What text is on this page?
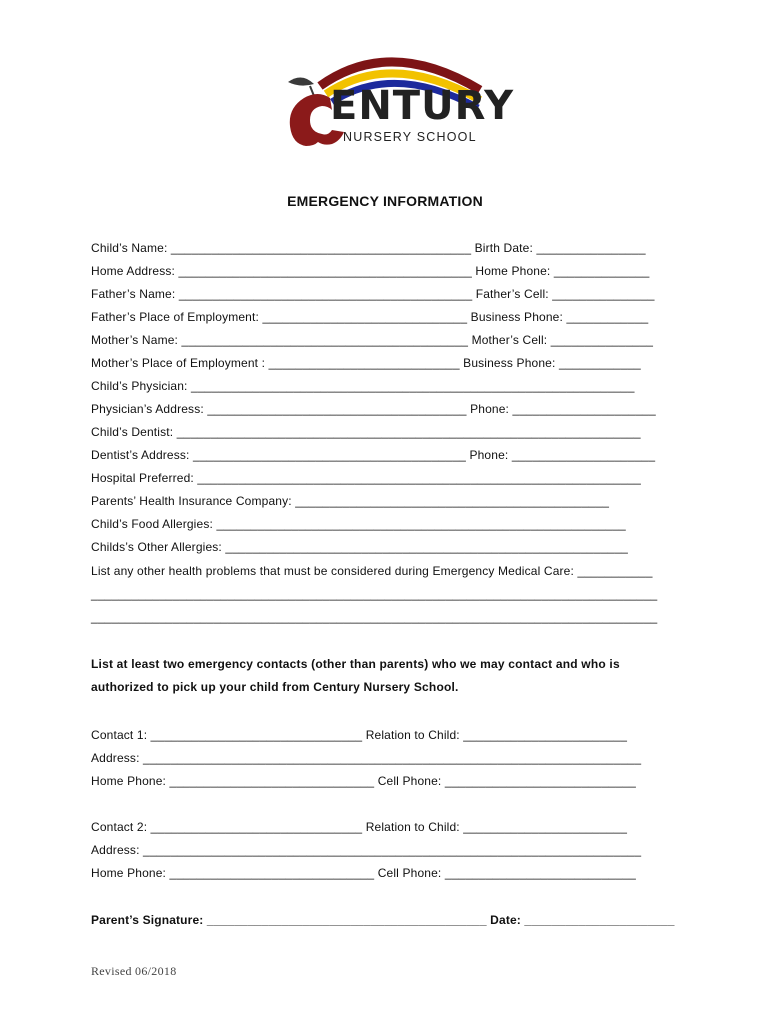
ENTURY
NURSERY SCHOOL
EMERGENCY INFORMATION
Child’s Name: ____________________________________________ Birth Date: ________________
Home Address: ___________________________________________ Home Phone: ______________
Father’s Name: ___________________________________________ Father’s Cell: _______________
Father’s Place of Employment: ______________________________ Business Phone: ____________
Mother’s Name: __________________________________________ Mother’s Cell: _______________
Mother’s Place of Employment : ____________________________ Business Phone: ____________
Child’s Physician: _________________________________________________________________
Physician’s Address: ______________________________________ Phone: _____________________
Child’s Dentist: ____________________________________________________________________
Dentist’s Address: ________________________________________ Phone: _____________________
Hospital Preferred: _________________________________________________________________
Parents’ Health Insurance Company: ______________________________________________
Child’s Food Allergies: ____________________________________________________________
Childs’s Other Allergies: ___________________________________________________________
List any other health problems that must be considered during Emergency Medical Care: ___________
___________________________________________________________________________________
___________________________________________________________________________________
List at least two emergency contacts (other than parents) who we may contact and who is authorized to pick up your child from Century Nursery School.
Contact 1: _______________________________ Relation to Child: ________________________
Address: _________________________________________________________________________
Home Phone: ______________________________ Cell Phone: ____________________________
Contact 2: _______________________________ Relation to Child: ________________________
Address: _________________________________________________________________________
Home Phone: ______________________________ Cell Phone: ____________________________
Parent’s Signature: _________________________________________ Date: ______________________
Revised 06/2018
